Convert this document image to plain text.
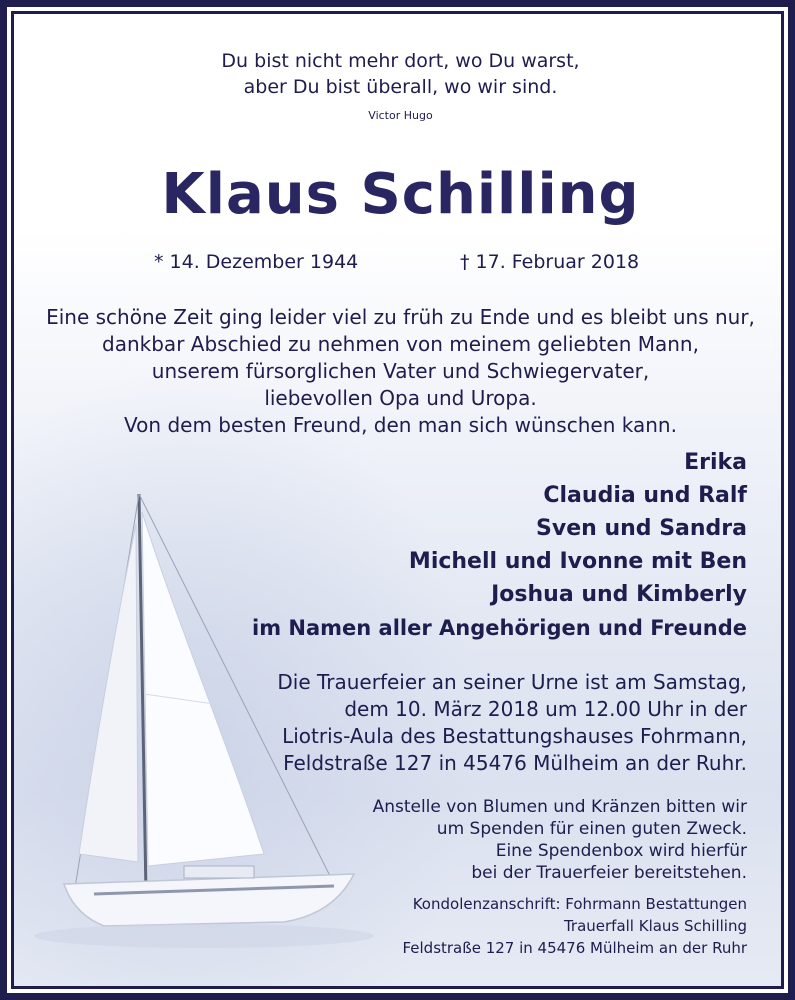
Du bist nicht mehr dort, wo Du warst,
aber Du bist überall, wo wir sind.
Victor Hugo
Klaus Schilling
* 14. Dezember 1944	† 17. Februar 2018
Eine schöne Zeit ging leider viel zu früh zu Ende und es bleibt uns nur,
dankbar Abschied zu nehmen von meinem geliebten Mann,
unserem fürsorglichen Vater und Schwiegervater,
liebevollen Opa und Uropa.
Von dem besten Freund, den man sich wünschen kann.
Erika
Claudia und Ralf
Sven und Sandra
Michell und Ivonne mit Ben
Joshua und Kimberly
im Namen aller Angehörigen und Freunde
Die Trauerfeier an seiner Urne ist am Samstag,
dem 10. März 2018 um 12.00 Uhr in der
Liotris-Aula des Bestattungshauses Fohrmann,
Feldstraße 127 in 45476 Mülheim an der Ruhr.
Anstelle von Blumen und Kränzen bitten wir
um Spenden für einen guten Zweck.
Eine Spendenbox wird hierfür
bei der Trauerfeier bereitstehen.
Kondolenzanschrift: Fohrmann Bestattungen
Trauerfall Klaus Schilling
Feldstraße 127 in 45476 Mülheim an der Ruhr
